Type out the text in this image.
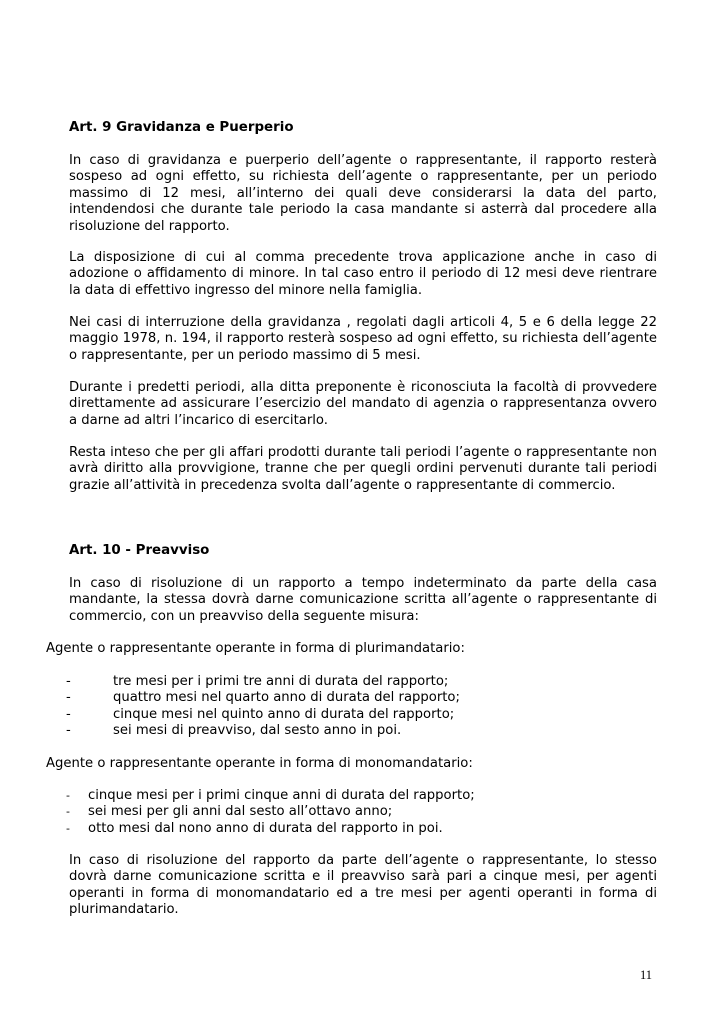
Art. 9 Gravidanza e Puerperio

In caso di gravidanza e puerperio dell’agente o rappresentante, il rapporto resterà sospeso ad ogni effetto, su richiesta dell’agente o rappresentante, per un periodo massimo di 12 mesi, all’interno dei quali deve considerarsi la data del parto, intendendosi che durante tale periodo la casa mandante si asterrà dal procedere alla risoluzione del rapporto.

La disposizione di cui al comma precedente trova applicazione anche in caso di adozione o affidamento di minore. In tal caso entro il periodo di 12 mesi deve rientrare la data di effettivo ingresso del minore nella famiglia.

Nei casi di interruzione della gravidanza , regolati dagli articoli 4, 5 e 6 della legge 22 maggio 1978, n. 194, il rapporto resterà sospeso ad ogni effetto, su richiesta dell’agente o rappresentante, per un periodo massimo di 5 mesi.

Durante i predetti periodi, alla ditta preponente è riconosciuta la facoltà di provvedere direttamente ad assicurare l’esercizio del mandato di agenzia o rappresentanza ovvero a darne ad altri l’incarico di esercitarlo.

Resta inteso che per gli affari prodotti durante tali periodi l’agente o rappresentante non avrà diritto alla provvigione, tranne che per quegli ordini pervenuti durante tali periodi grazie all’attività in precedenza svolta dall’agente o rappresentante di commercio.

Art. 10 - Preavviso

In caso di risoluzione di un rapporto a tempo indeterminato da parte della casa mandante, la stessa dovrà darne comunicazione scritta all’agente o rappresentante di commercio, con un preavviso della seguente misura:

Agente o rappresentante operante in forma di plurimandatario:

-	tre mesi per i primi tre anni di durata del rapporto;
-	quattro mesi nel quarto anno di durata del rapporto;
-	cinque mesi nel quinto anno di durata del rapporto;
-	sei mesi di preavviso, dal sesto anno in poi.

Agente o rappresentante operante in forma di monomandatario:

- cinque mesi per i primi cinque anni di durata del rapporto;
- sei mesi per gli anni dal sesto all’ottavo anno;
- otto mesi dal nono anno di durata del rapporto in poi.

In caso di risoluzione del rapporto da parte dell’agente o rappresentante, lo stesso dovrà darne comunicazione scritta e il preavviso sarà pari a cinque mesi, per agenti operanti in forma di monomandatario ed a tre mesi per agenti operanti in forma di plurimandatario.

11
